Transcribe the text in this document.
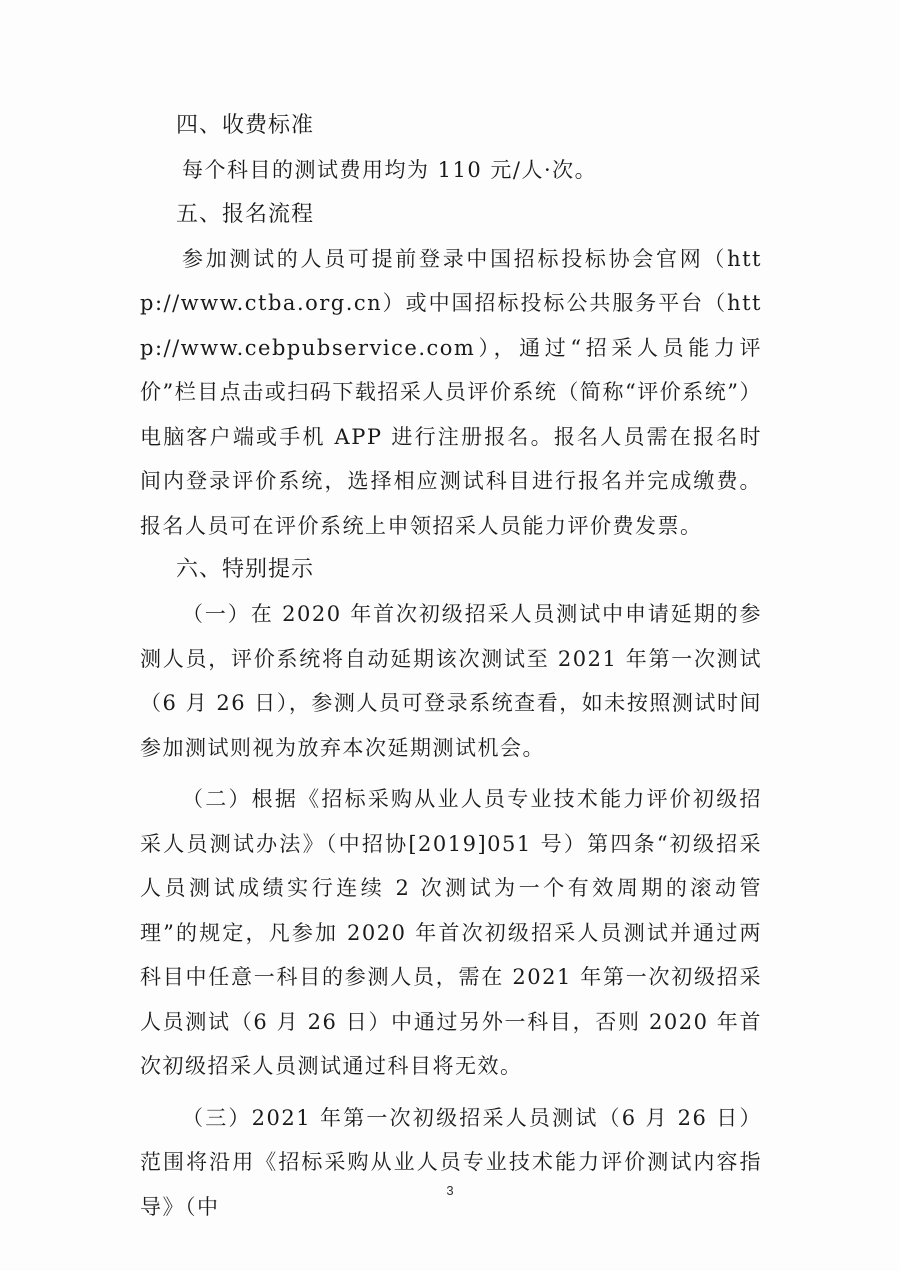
四、收费标准

每个科目的测试费用均为 110 元/人·次。

五、报名流程

参加测试的人员可提前登录中国招标投标协会官网（http://www.ctba.org.cn）或中国招标投标公共服务平台（http://www.cebpubservice.com），通过“招采人员能力评价”栏目点击或扫码下载招采人员评价系统（简称“评价系统”）电脑客户端或手机 APP 进行注册报名。报名人员需在报名时间内登录评价系统，选择相应测试科目进行报名并完成缴费。报名人员可在评价系统上申领招采人员能力评价费发票。

六、特别提示

（一）在 2020 年首次初级招采人员测试中申请延期的参测人员，评价系统将自动延期该次测试至 2021 年第一次测试（6 月 26 日），参测人员可登录系统查看，如未按照测试时间参加测试则视为放弃本次延期测试机会。

（二）根据《招标采购从业人员专业技术能力评价初级招采人员测试办法》（中招协[2019]051 号）第四条“初级招采人员测试成绩实行连续 2 次测试为一个有效周期的滚动管理”的规定，凡参加 2020 年首次初级招采人员测试并通过两科目中任意一科目的参测人员，需在 2021 年第一次初级招采人员测试（6 月 26 日）中通过另外一科目，否则 2020 年首次初级招采人员测试通过科目将无效。

（三）2021 年第一次初级招采人员测试（6 月 26 日）范围将沿用《招标采购从业人员专业技术能力评价测试内容指导》（中

3
